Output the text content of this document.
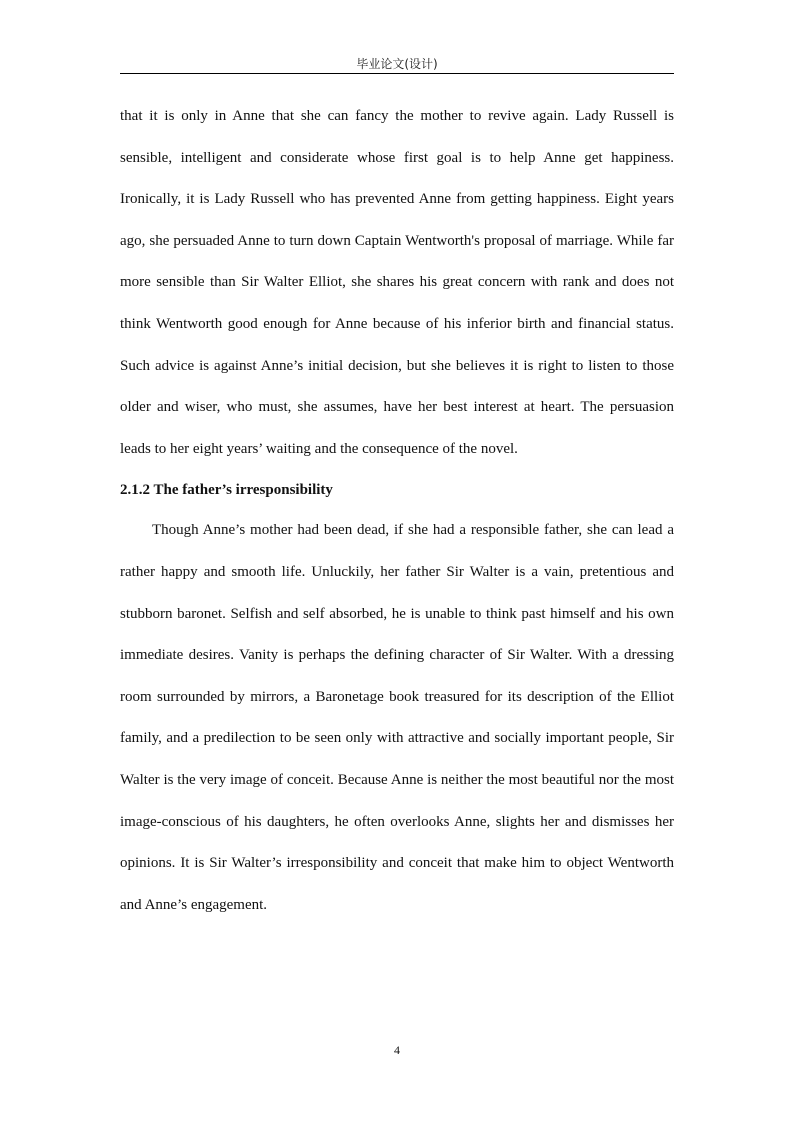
毕业论文(设计)

that it is only in Anne that she can fancy the mother to revive again. Lady Russell is sensible, intelligent and considerate whose first goal is to help Anne get happiness. Ironically, it is Lady Russell who has prevented Anne from getting happiness. Eight years ago, she persuaded Anne to turn down Captain Wentworth's proposal of marriage. While far more sensible than Sir Walter Elliot, she shares his great concern with rank and does not think Wentworth good enough for Anne because of his inferior birth and financial status. Such advice is against Anne’s initial decision, but she believes it is right to listen to those older and wiser, who must, she assumes, have her best interest at heart. The persuasion leads to her eight years’ waiting and the consequence of the novel.

2.1.2 The father’s irresponsibility

Though Anne’s mother had been dead, if she had a responsible father, she can lead a rather happy and smooth life. Unluckily, her father Sir Walter is a vain, pretentious and stubborn baronet. Selfish and self absorbed, he is unable to think past himself and his own immediate desires. Vanity is perhaps the defining character of Sir Walter. With a dressing room surrounded by mirrors, a Baronetage book treasured for its description of the Elliot family, and a predilection to be seen only with attractive and socially important people, Sir Walter is the very image of conceit. Because Anne is neither the most beautiful nor the most image-conscious of his daughters, he often overlooks Anne, slights her and dismisses her opinions. It is Sir Walter’s irresponsibility and conceit that make him to object Wentworth and Anne’s engagement.

4
